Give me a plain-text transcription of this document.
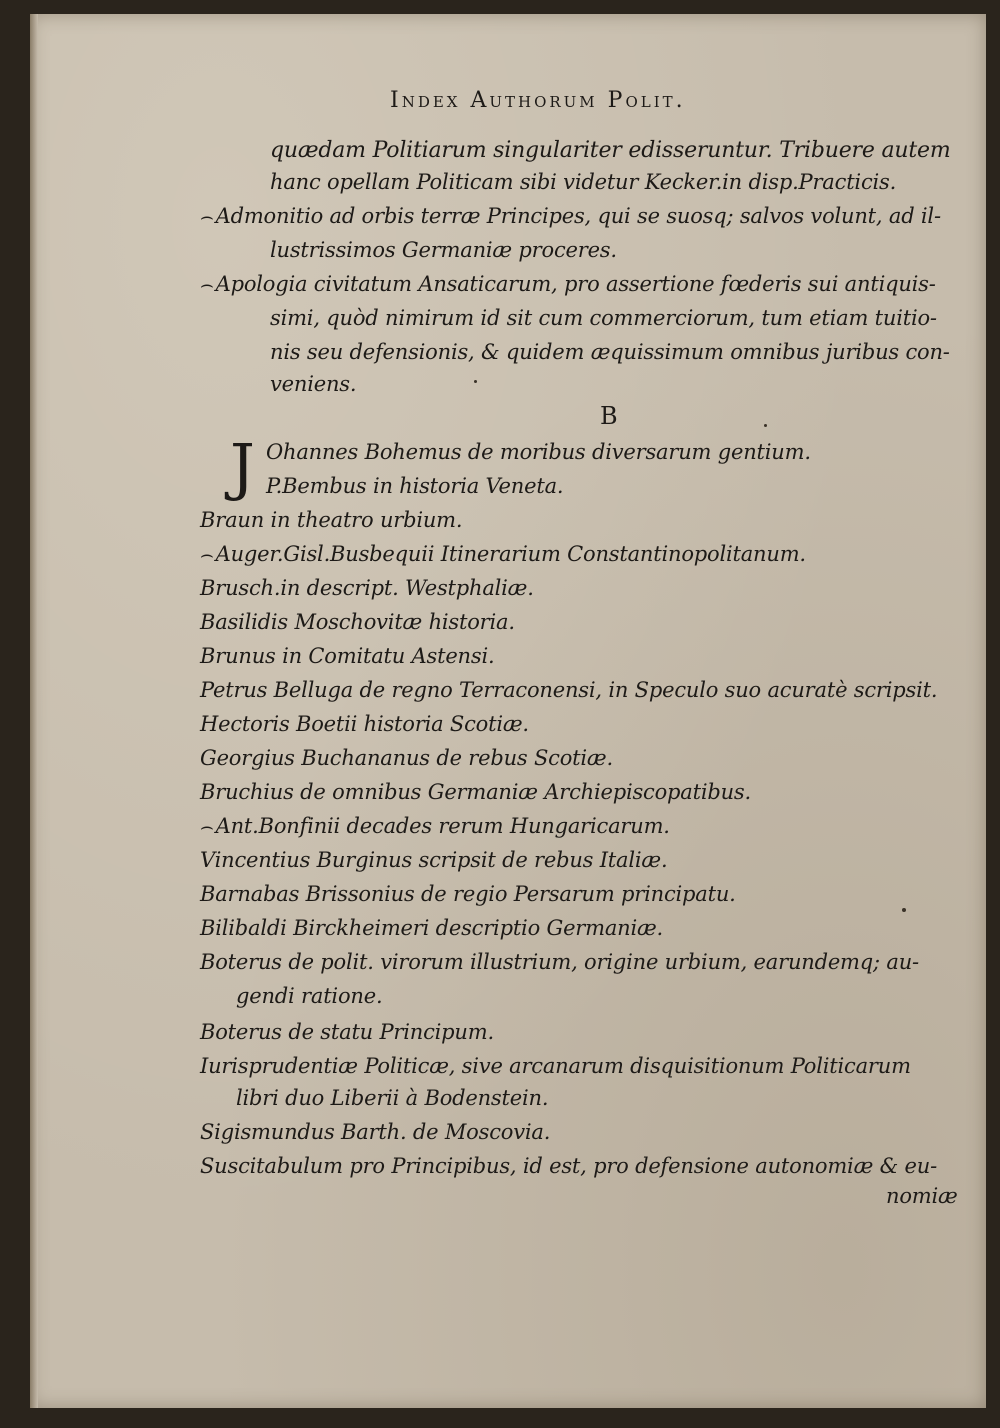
Index Authorum Polit.
quædam Politiarum singulariter edisseruntur. Tribuere autem
hanc opellam Politicam sibi videtur Kecker.in disp.Practicis.
⌢Admonitio ad orbis terræ Principes, qui se suosq; salvos volunt, ad il-
lustrissimos Germaniæ proceres.
⌢Apologia civitatum Ansaticarum, pro assertione fœderis sui antiquis-
simi, quòd nimirum id sit cum commerciorum, tum etiam tuitio-
nis seu defensionis, & quidem æquissimum omnibus juribus con-
veniens.
B
J Ohannes Bohemus de moribus diversarum gentium.
P.Bembus in historia Veneta.
Braun in theatro urbium.
⌢Auger.Gisl.Busbequii Itinerarium Constantinopolitanum.
Brusch.in descript. Westphaliæ.
Basilidis Moschovitæ historia.
Brunus in Comitatu Astensi.
Petrus Belluga de regno Terraconensi, in Speculo suo acuratè scripsit.
Hectoris Boetii historia Scotiæ.
Georgius Buchananus de rebus Scotiæ.
Bruchius de omnibus Germaniæ Archiepiscopatibus.
⌢Ant.Bonfinii decades rerum Hungaricarum.
Vincentius Burginus scripsit de rebus Italiæ.
Barnabas Brissonius de regio Persarum principatu.
Bilibaldi Birckheimeri descriptio Germaniæ.
Boterus de polit. virorum illustrium, origine urbium, earundemq; au-
gendi ratione.
Boterus de statu Principum.
Iurisprudentiæ Politicæ, sive arcanarum disquisitionum Politicarum
libri duo Liberii à Bodenstein.
Sigismundus Barth. de Moscovia.
Suscitabulum pro Principibus, id est, pro defensione autonomiæ & eu-
nomiæ
